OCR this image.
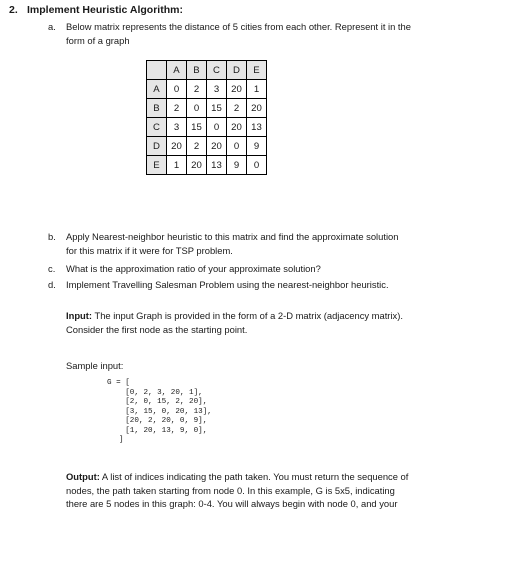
2. Implement Heuristic Algorithm:
a. Below matrix represents the distance of 5 cities from each other. Represent it in the
form of a graph
	A	B	C	D	E
A	0	2	3	20	1
B	2	0	15	2	20
C	3	15	0	20	13
D	20	2	20	0	9
E	1	20	13	9	0
b. Apply Nearest-neighbor heuristic to this matrix and find the approximate solution
for this matrix if it were for TSP problem.
c. What is the approximation ratio of your approximate solution?
d. Implement Travelling Salesman Problem using the nearest-neighbor heuristic.
Input: The input Graph is provided in the form of a 2-D matrix (adjacency matrix).
Consider the first node as the starting point.
Sample input:
G = [
[0, 2, 3, 20, 1],
[2, 0, 15, 2, 20],
[3, 15, 0, 20, 13],
[20, 2, 20, 0, 9],
[1, 20, 13, 9, 0],
]
Output: A list of indices indicating the path taken. You must return the sequence of
nodes, the path taken starting from node 0. In this example, G is 5x5, indicating
there are 5 nodes in this graph: 0-4. You will always begin with node 0, and your
